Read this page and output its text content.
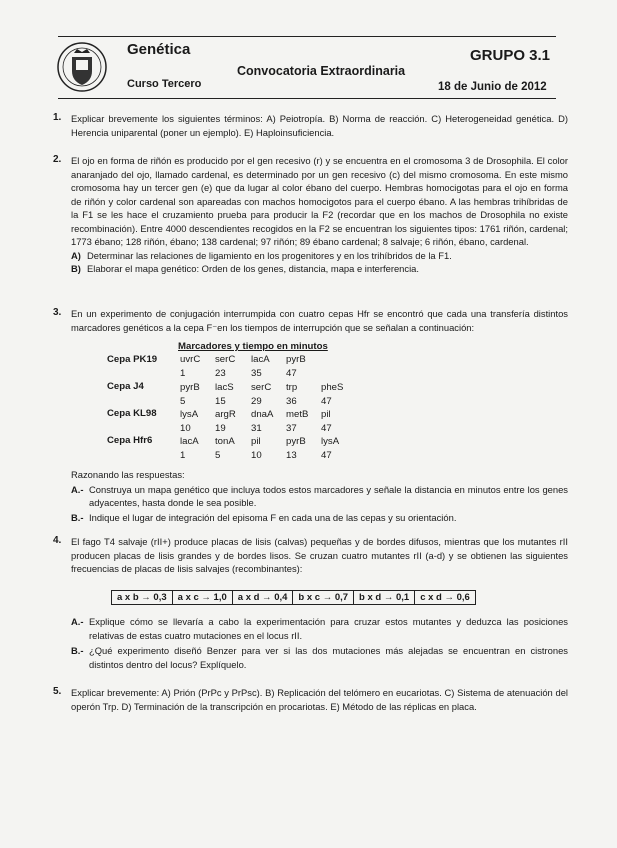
Genética	GRUPO 3.1
Curso Tercero
Convocatoria Extraordinaria
18 de Junio de 2012
1. Explicar brevemente los siguientes términos: A) Peiotropía. B) Norma de reacción. C) Heterogeneidad genética. D) Herencia uniparental (poner un ejemplo). E) Haploinsuficiencia.
2. El ojo en forma de riñón es producido por el gen recesivo (r) y se encuentra en el cromosoma 3 de Drosophila. El color anaranjado del ojo, llamado cardenal, es determinado por un gen recesivo (c) del mismo cromosoma. En este mismo cromosoma hay un tercer gen (e) que da lugar al color ébano del cuerpo. Hembras homocigotas para el ojo en forma de riñón y color cardenal son apareadas con machos homocigotos para el cuerpo ébano. A las hembras trihíbridas de la F1 se les hace el cruzamiento prueba para producir la F2 (recordar que en los machos de Drosophila no existe recombinación). Entre 4000 descendientes recogidos en la F2 se encuentran los siguientes tipos: 1761 riñón, cardenal; 1773 ébano; 128 riñón, ébano; 138 cardenal; 97 riñón; 89 ébano cardenal; 8 salvaje; 6 riñón, ébano, cardenal.
A) Determinar las relaciones de ligamiento en los progenitores y en los trihíbridos de la F1.
B) Elaborar el mapa genético: Orden de los genes, distancia, mapa e interferencia.
3. En un experimento de conjugación interrumpida con cuatro cepas Hfr se encontró que cada una transfería distintos marcadores genéticos a la cepa F⁻en los tiempos de interrupción que se señalan a continuación:
Marcadores y tiempo en minutos
Cepa PK19 uvrC serC lacA pyrB
1	23	35	47
Cepa J4	pyrB lacS serC trp pheS
5	15	29	36	47
Cepa KL98 lysA argR dnaA metB pil
10	19	31	37	47
Cepa Hfr6	lacA tonA pil	pyrB lysA
1	5	10	13	47
Razonando las respuestas:
A.- Construya un mapa genético que incluya todos estos marcadores y señale la distancia en minutos entre los genes adyacentes, hasta donde le sea posible.
B.- Indique el lugar de integración del episoma F en cada una de las cepas y su orientación.
4. El fago T4 salvaje (rII+) produce placas de lisis (calvas) pequeñas y de bordes difusos, mientras que los mutantes rII producen placas de lisis grandes y de bordes lisos. Se cruzan cuatro mutantes rII (a-d) y se obtienen las siguientes frecuencias de placas de lisis salvajes (recombinantes):
a x b → 0,3	a x c → 1,0	a x d → 0,4	b x c → 0,7	b x d → 0,1	c x d → 0,6
A.- Explique cómo se llevaría a cabo la experimentación para cruzar estos mutantes y deduzca las posiciones relativas de estas cuatro mutaciones en el locus rII.
B.- ¿Qué experimento diseñó Benzer para ver si las dos mutaciones más alejadas se encuentran en cistrones distintos dentro del locus? Explíquelo.
5. Explicar brevemente: A) Prión (PrPc y PrPsc). B) Replicación del telómero en eucariotas. C) Sistema de atenuación del operón Trp. D) Terminación de la transcripción en procariotas. E) Método de las réplicas en placa.
